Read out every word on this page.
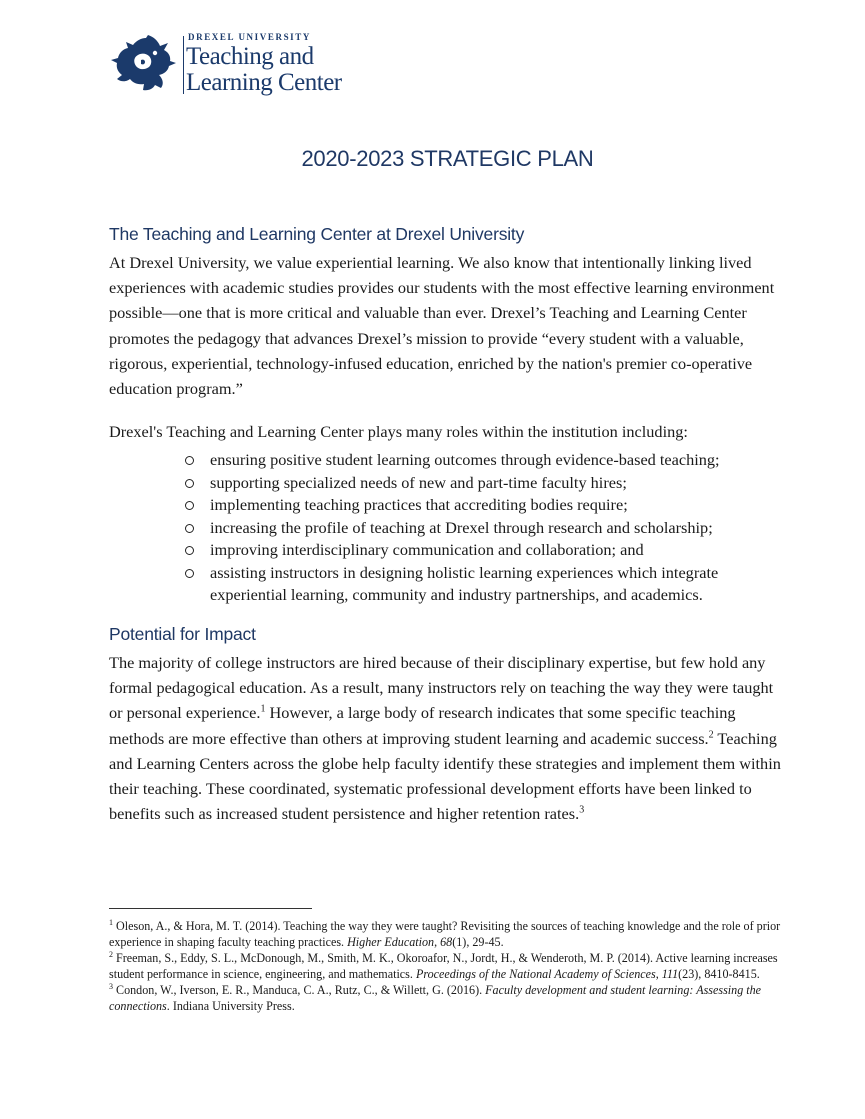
DREXEL UNIVERSITY
Teaching and
Learning Center
2020-2023 STRATEGIC PLAN
The Teaching and Learning Center at Drexel University

At Drexel University, we value experiential learning. We also know that intentionally linking lived experiences with academic studies provides our students with the most effective learning environment possible—one that is more critical and valuable than ever. Drexel’s Teaching and Learning Center promotes the pedagogy that advances Drexel’s mission to provide “every student with a valuable, rigorous, experiential, technology-infused education, enriched by the nation's premier co-operative education program.”

Drexel's Teaching and Learning Center plays many roles within the institution including:

ensuring positive student learning outcomes through evidence-based teaching;
supporting specialized needs of new and part-time faculty hires;
implementing teaching practices that accrediting bodies require;
increasing the profile of teaching at Drexel through research and scholarship;
improving interdisciplinary communication and collaboration; and
assisting instructors in designing holistic learning experiences which integrate experiential learning, community and industry partnerships, and academics.
Potential for Impact

The majority of college instructors are hired because of their disciplinary expertise, but few hold any formal pedagogical education. As a result, many instructors rely on teaching the way they were taught or personal experience.$^1$ However, a large body of research indicates that some specific teaching methods are more effective than others at improving student learning and academic success.$^2$ Teaching and Learning Centers across the globe help faculty identify these strategies and implement them within their teaching. These coordinated, systematic professional development efforts have been linked to benefits such as increased student persistence and higher retention rates.$^3$

$^1$ Oleson, A., & Hora, M. T. (2014). Teaching the way they were taught? Revisiting the sources of teaching knowledge and the role of prior experience in shaping faculty teaching practices. Higher Education, 68(1), 29-45.

$^2$ Freeman, S., Eddy, S. L., McDonough, M., Smith, M. K., Okoroafor, N., Jordt, H., & Wenderoth, M. P. (2014). Active learning increases student performance in science, engineering, and mathematics. Proceedings of the National Academy of Sciences, 111(23), 8410-8415.

$^3$ Condon, W., Iverson, E. R., Manduca, C. A., Rutz, C., & Willett, G. (2016). Faculty development and student learning: Assessing the connections. Indiana University Press.
